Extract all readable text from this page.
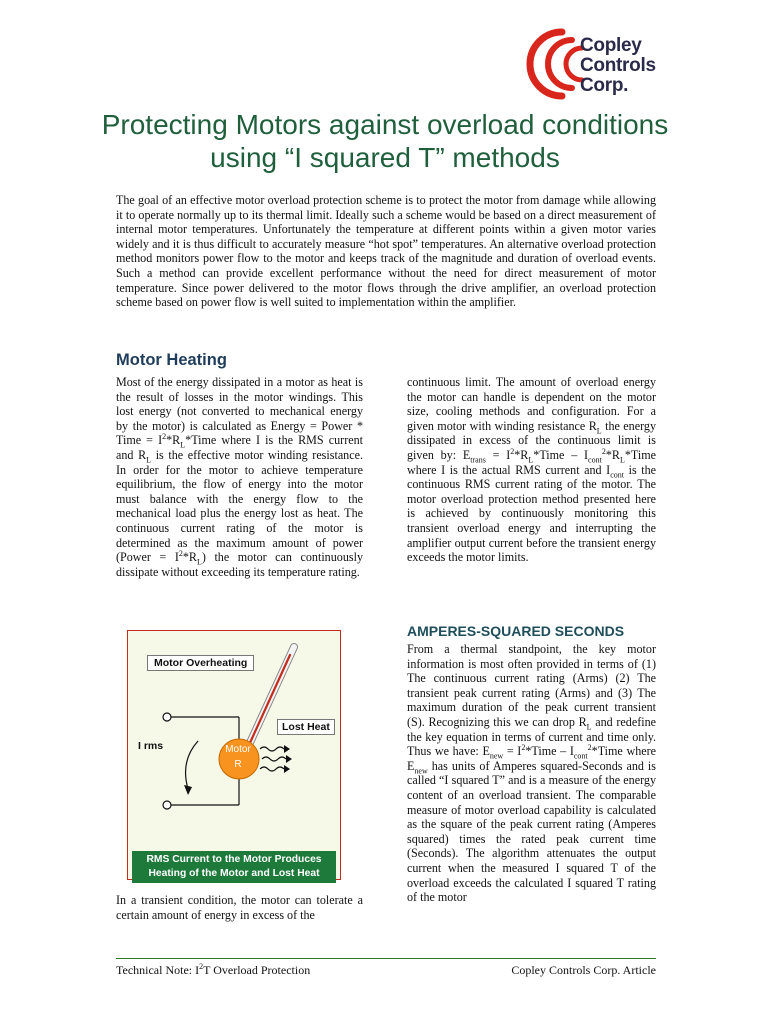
Copley
Controls
Corp.
Protecting Motors against overload conditions
using “I squared T” methods

The goal of an effective motor overload protection scheme is to protect the motor from damage while allowing it to operate normally up to its thermal limit. Ideally such a scheme would be based on a direct measurement of internal motor temperatures. Unfortunately the temperature at different points within a given motor varies widely and it is thus difficult to accurately measure “hot spot” temperatures. An alternative overload protection method monitors power flow to the motor and keeps track of the magnitude and duration of overload events. Such a method can provide excellent performance without the need for direct measurement of motor temperature. Since power delivered to the motor flows through the drive amplifier, an overload protection scheme based on power flow is well suited to implementation within the amplifier.

Motor Heating

Most of the energy dissipated in a motor as heat is the result of losses in the motor windings. This lost energy (not converted to mechanical energy by the motor) is calculated as Energy = Power * Time = $I^2*R_L*Time$ where I is the RMS current and $R_L$ is the effective motor winding resistance. In order for the motor to achieve temperature equilibrium, the flow of energy into the motor must balance with the energy flow to the mechanical load plus the energy lost as heat. The continuous current rating of the motor is determined as the maximum amount of power (Power = $I^2*R_L$) the motor can continuously dissipate without exceeding its temperature rating.

continuous limit. The amount of overload energy the motor can handle is dependent on the motor size, cooling methods and configuration. For a given motor with winding resistance $R_L$ the energy dissipated in excess of the continuous limit is given by: $E_{trans}$ = $I^2*R_L*Time$ – $I_{cont}^2*R_L*Time$ where I is the actual RMS current and $I_{cont}$ is the continuous RMS current rating of the motor. The motor overload protection method presented here is achieved by continuously monitoring this transient overload energy and interrupting the amplifier output current before the transient energy exceeds the motor limits.

Motor Overheating
Lost Heat
I rms	Motor
R
RMS Current to the Motor Produces
Heating of the Motor and Lost Heat

In a transient condition, the motor can tolerate a certain amount of energy in excess of the

AMPERES-SQUARED SECONDS

From a thermal standpoint, the key motor information is most often provided in terms of (1) The continuous current rating (Arms) (2) The transient peak current rating (Arms) and (3) The maximum duration of the peak current transient (S). Recognizing this we can drop $R_L$ and redefine the key equation in terms of current and time only. Thus we have: $E_{new}$ = $I^2*Time$ – $I_{cont}^2*Time$ where $E_{new}$ has units of Amperes squared-Seconds and is called “I squared T” and is a measure of the energy content of an overload transient. The comparable measure of motor overload capability is calculated as the square of the peak current rating (Amperes squared) times the rated peak current time (Seconds). The algorithm attenuates the output current when the measured I squared T of the overload exceeds the calculated I squared T rating of the motor

Technical Note: $I^2T$ Overload Protection	Copley Controls Corp. Article
